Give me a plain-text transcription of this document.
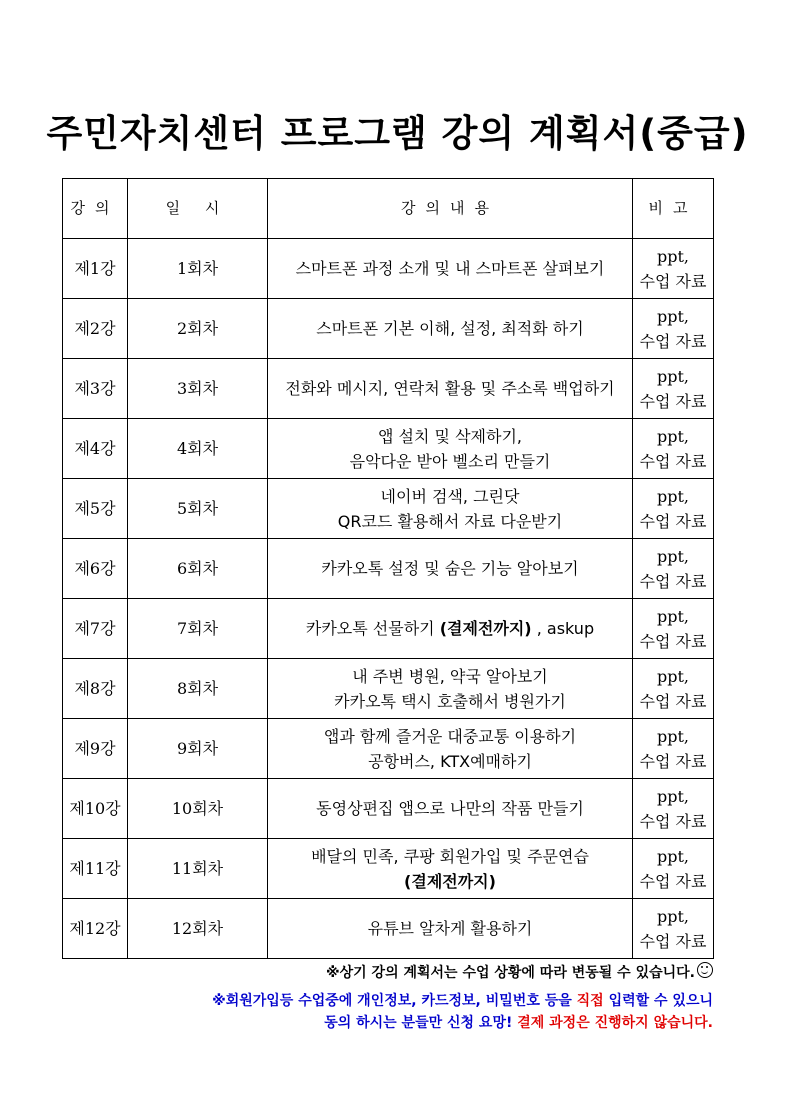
주민자치센터 프로그램 강의 계획서(중급)
강의	일 시	강의내용	비고
제1강	1회차	스마트폰 과정 소개 및 내 스마트폰 살펴보기	ppt,
수업 자료

제2강	2회차	스마트폰 기본 이해, 설정, 최적화 하기	ppt,
수업 자료

제3강	3회차	전화와 메시지, 연락처 활용 및 주소록 백업하기	ppt,
수업 자료

제4강	4회차	앱 설치 및 삭제하기,
음악다운 받아 벨소리 만들기	ppt,
수업 자료

제5강	5회차	네이버 검색, 그린닷
QR코드 활용해서 자료 다운받기	ppt,
수업 자료

제6강	6회차	카카오톡 설정 및 숨은 기능 알아보기	ppt,
수업 자료

제7강	7회차	카카오톡 선물하기 (결제전까지) , askup	ppt,
수업 자료

제8강	8회차	내 주변 병원, 약국 알아보기
카카오톡 택시 호출해서 병원가기	ppt,
수업 자료

제9강	9회차	앱과 함께 즐거운 대중교통 이용하기
공항버스, KTX예매하기	ppt,
수업 자료

제10강	10회차	동영상편집 앱으로 나만의 작품 만들기	ppt,
수업 자료

제11강	11회차	배달의 민족, 쿠팡 회원가입 및 주문연습
(결제전까지)	ppt,
수업 자료

제12강	12회차	유튜브 알차게 활용하기	ppt,
수업 자료
※상기 강의 계획서는 수업 상황에 따라 변동될 수 있습니다.
※회원가입등 수업중에 개인정보, 카드정보, 비밀번호 등을 직접 입력할 수 있으니
동의 하시는 분들만 신청 요망! 결제 과정은 진행하지 않습니다.
